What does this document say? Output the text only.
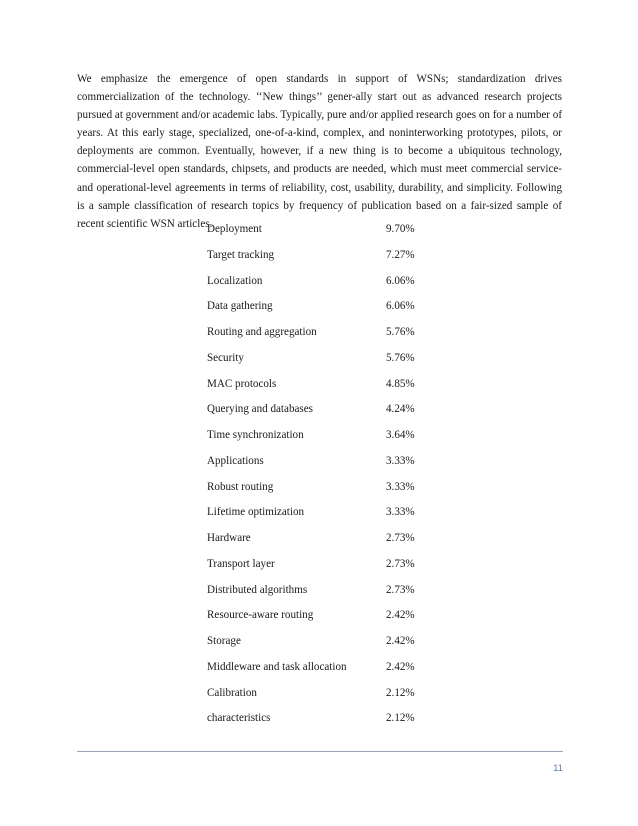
We emphasize the emergence of open standards in support of WSNs; standardization drives commercialization of the technology. ‘‘New things’’ gener-ally start out as advanced research projects pursued at government and/or academic labs. Typically, pure and/or applied research goes on for a number of years. At this early stage, specialized, one-of-a-kind, complex, and noninterworking prototypes, pilots, or deployments are common. Eventually, however, if a new thing is to become a ubiquitous technology, commercial-level open standards, chipsets, and products are needed, which must meet commercial service- and operational-level agreements in terms of reliability, cost, usability, durability, and simplicity. Following is a sample classification of research topics by frequency of publication based on a fair-sized sample of recent scientific WSN articles.

Deployment	9.70%
Target tracking	7.27%
Localization	6.06%
Data gathering	6.06%
Routing and aggregation	5.76%
Security	5.76%
MAC protocols	4.85%
Querying and databases	4.24%
Time synchronization	3.64%
Applications	3.33%
Robust routing	3.33%
Lifetime optimization	3.33%
Hardware	2.73%
Transport layer	2.73%
Distributed algorithms	2.73%
Resource-aware routing	2.42%
Storage	2.42%
Middleware and task allocation	2.42%
Calibration	2.12%
characteristics	2.12%
11
